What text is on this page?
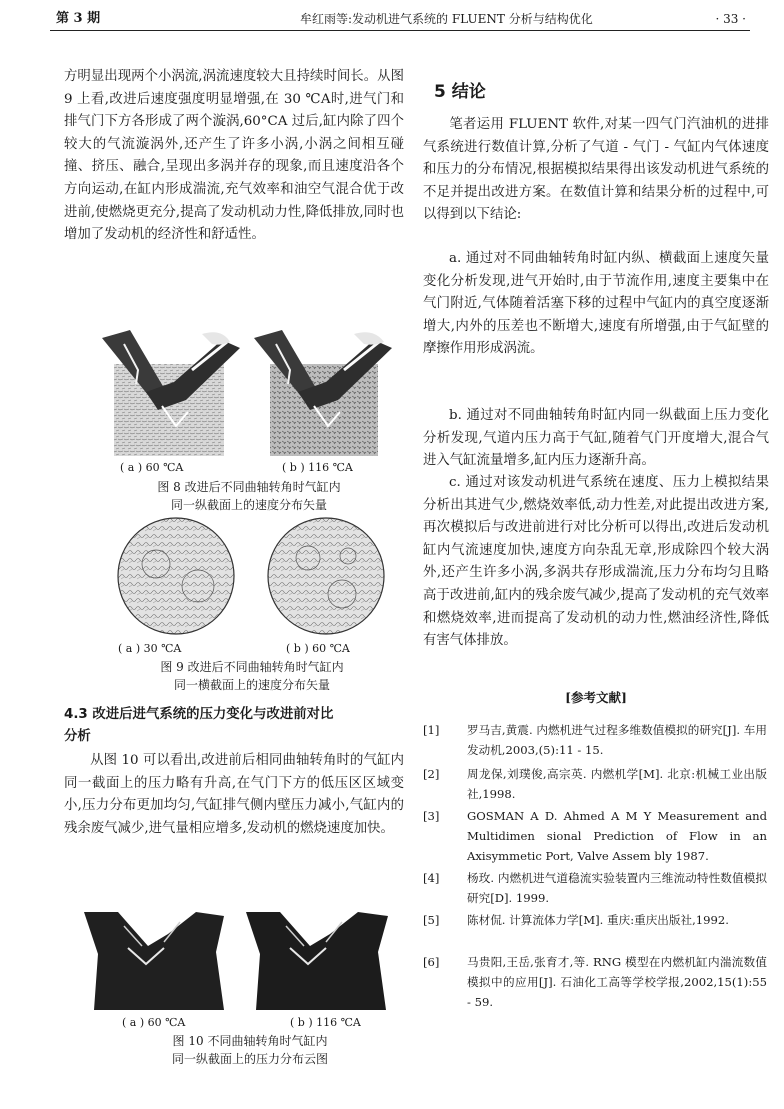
第 3 期	牟红雨等:发动机进气系统的 FLUENT 分析与结构优化	· 33 ·
方明显出现两个小涡流,涡流速度较大且持续时间长。从图 9 上看,改进后速度强度明显增强,在 30 ℃A时,进气门和排气门下方各形成了两个漩涡,60°CA 过后,缸内除了四个较大的气流漩涡外,还产生了许多小涡,小涡之间相互碰撞、挤压、融合,呈现出多涡并存的现象,而且速度沿各个方向运动,在缸内形成湍流,充气效率和油空气混合优于改进前,使燃烧更充分,提高了发动机动力性,降低排放,同时也增加了发动机的经济性和舒适性。
( a ) 60 ℃A	( b ) 116 ℃A
图 8 改进后不同曲轴转角时气缸内
同一纵截面上的速度分布矢量
( a ) 30 ℃A	( b ) 60 ℃A
图 9 改进后不同曲轴转角时气缸内
同一横截面上的速度分布矢量
4.3 改进后进气系统的压力变化与改进前对比
分析
从图 10 可以看出,改进前后相同曲轴转角时的气缸内同一截面上的压力略有升高,在气门下方的低压区区域变小,压力分布更加均匀,气缸排气侧内壁压力减小,气缸内的残余废气减少,进气量相应增多,发动机的燃烧速度加快。
( a ) 60 ℃A	( b ) 116 ℃A
图 10 不同曲轴转角时气缸内
同一纵截面上的压力分布云图
5 结论
笔者运用 FLUENT 软件,对某一四气门汽油机的进排气系统进行数值计算,分析了气道 - 气门 - 气缸内气体速度和压力的分布情况,根据模拟结果得出该发动机进气系统的不足并提出改进方案。在数值计算和结果分析的过程中,可以得到以下结论:
a. 通过对不同曲轴转角时缸内纵、横截面上速度矢量变化分析发现,进气开始时,由于节流作用,速度主要集中在气门附近,气体随着活塞下移的过程中气缸内的真空度逐渐增大,内外的压差也不断增大,速度有所增强,由于气缸壁的摩擦作用形成涡流。
b. 通过对不同曲轴转角时缸内同一纵截面上压力变化分析发现,气道内压力高于气缸,随着气门开度增大,混合气进入气缸流量增多,缸内压力逐渐升高。
c. 通过对该发动机进气系统在速度、压力上模拟结果分析出其进气少,燃烧效率低,动力性差,对此提出改进方案,再次模拟后与改进前进行对比分析可以得出,改进后发动机缸内气流速度加快,速度方向杂乱无章,形成除四个较大涡外,还产生许多小涡,多涡共存形成湍流,压力分布均匀且略高于改进前,缸内的残余废气减少,提高了发动机的充气效率和燃烧效率,进而提高了发动机的动力性,燃油经济性,降低有害气体排放。
[参考文献]
[1] 罗马吉,黄震. 内燃机进气过程多维数值模拟的研究[J]. 车用发动机,2003,(5):11 - 15.
[2] 周龙保,刘璞俊,高宗英. 内燃机学[M]. 北京:机械工业出版社,1998.
[3] GOSMAN A D. Ahmed A M Y Measurement and Multidimen sional Prediction of Flow in an Axisymmetic Port, Valve Assem bly 1987.
[4] 杨玫. 内燃机进气道稳流实验装置内三维流动特性数值模拟研究[D]. 1999.
[5] 陈材侃. 计算流体力学[M]. 重庆:重庆出版社,1992.
[6] 马贵阳,王岳,张育才,等. RNG 模型在内燃机缸内湍流数值模拟中的应用[J]. 石油化工高等学校学报,2002,15(1):55 - 59.
